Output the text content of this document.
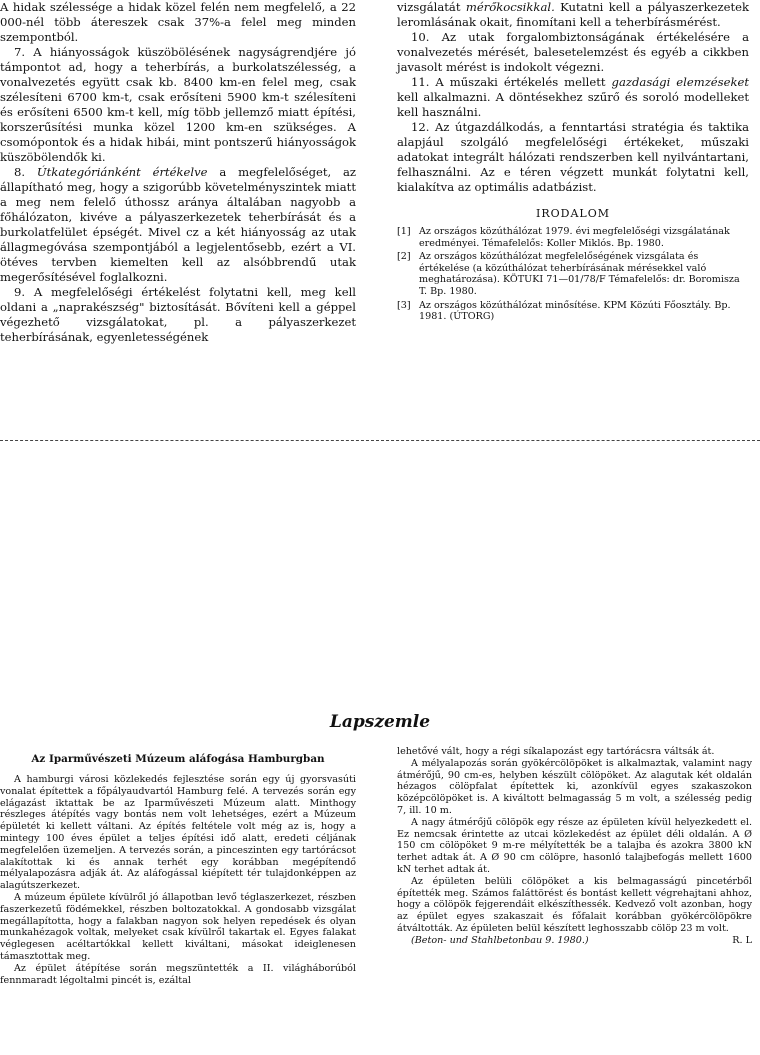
A hidak szélessége a hidak közel felén nem megfelelő, a 22 000-nél több átereszek csak 37%-a felel meg minden szempontból.

7. A hiányosságok küszöbölésének nagyságrendjére jó támpontot ad, hogy a teherbírás, a burkolatszélesség, a vonalvezetés együtt csak kb. 8400 km-en felel meg, csak szélesíteni 6700 km-t, csak erősíteni 5900 km-t szélesíteni és erősíteni 6500 km-t kell, míg több jellemző miatt építési, korszerűsítési munka közel 1200 km-en szükséges. A csomópontok és a hidak hibái, mint pontszerű hiányosságok küszöbölendők ki.

8. Útkategóriánként értékelve a megfelelőséget, az állapítható meg, hogy a szigorúbb követelményszintek miatt a meg nem felelő úthossz aránya általában nagyobb a főhálózaton, kivéve a pályaszerkezetek teherbírását és a burkolatfelület épségét. Mivel cz a két hiányosság az utak állagmegóvása szempontjából a legjelentősebb, ezért a VI. ötéves tervben kiemelten kell az alsóbbrendű utak megerősítésével foglalkozni.

9. A megfelelőségi értékelést folytatni kell, meg kell oldani a „naprakészség" biztosítását. Bővíteni kell a géppel végezhető vizsgálatokat, pl. a pályaszerkezet teherbírásának, egyenletességének

vizsgálatát mérőkocsikkal. Kutatni kell a pályaszerkezetek leromlásának okait, finomítani kell a teherbírásmérést.

10. Az utak forgalombiztonságának értékelésére a vonalvezetés mérését, balesetelemzést és egyéb a cikkben javasolt mérést is indokolt végezni.

11. A műszaki értékelés mellett gazdasági elemzéseket kell alkalmazni. A döntésekhez szűrő és soroló modelleket kell használni.

12. Az útgazdálkodás, a fenntartási stratégia és taktika alapjául szolgáló megfelelőségi értékeket, műszaki adatokat integrált hálózati rendszerben kell nyilvántartani, felhasználni. Az e téren végzett munkát folytatni kell, kialakítva az optimális adatbázist.

IRODALOM
[1] Az országos közúthálózat 1979. évi megfelelőségi vizsgálatának eredményei. Témafelelős: Koller Miklós. Bp. 1980.
[2] Az országos közúthálózat megfelelőségének vizsgálata és értékelése (a közúthálózat teherbírásának mérésekkel való meghatározása). KÖTUKI 71—01/78/F Témafelelős: dr. Boromisza T. Bp. 1980.
[3] Az országos közúthálózat minősítése. KPM Közúti Főosztály. Bp. 1981. (ÚTORG)
Lapszemle
Az Iparművészeti Múzeum aláfogása Hamburgban

A hamburgi városi közlekedés fejlesztése során egy új gyorsvasúti vonalat építettek a főpályaudvartól Hamburg felé. A tervezés során egy elágazást iktattak be az Iparművészeti Múzeum alatt. Minthogy részleges átépítés vagy bontás nem volt lehetséges, ezért a Múzeum épületét ki kellett váltani. Az építés feltétele volt még az is, hogy a mintegy 100 éves épület a teljes építési idő alatt, eredeti céljának megfelelően üzemeljen. A tervezés során, a pinceszinten egy tartórácsot alakítottak ki és annak terhét egy korábban megépítendő mélyalapozásra adják át. Az aláfogással kiépített tér tulajdonképpen az alagútszerkezet.

A múzeum épülete kívülről jó állapotban levő téglaszerkezet, részben faszerkezetű födémekkel, részben boltozatokkal. A gondosabb vizsgálat megállapította, hogy a falakban nagyon sok helyen repedések és olyan munkahézagok voltak, melyeket csak kívülről takartak el. Egyes falakat véglegesen acéltartókkal kellett kiváltani, másokat ideiglenesen támasztottak meg.

Az épület átépítése során megszüntették a II. világháborúból fennmaradt légoltalmi pincét is, ezáltal

lehetővé vált, hogy a régi síkalapozást egy tartórácsra váltsák át.

A mélyalapozás során gyökércölöpöket is alkalmaztak, valamint nagy átmérőjű, 90 cm-es, helyben készült cölöpöket. Az alagutak két oldalán hézagos cölöpfalat építettek ki, azonkívül egyes szakaszokon középcölöpöket is. A kiváltott belmagasság 5 m volt, a szélesség pedig 7, ill. 10 m.

A nagy átmérőjű cölöpök egy része az épületen kívül helyezkedett el. Ez nemcsak érintette az utcai közlekedést az épület déli oldalán. A Ø 150 cm cölöpöket 9 m-re mélyítették be a talajba és azokra 3800 kN terhet adtak át. A Ø 90 cm cölöpre, hasonló talajbefogás mellett 1600 kN terhet adtak át.

Az épületen belüli cölöpöket a kis belmagasságú pincetérből építették meg. Számos faláttörést és bontást kellett végrehajtani ahhoz, hogy a cölöpök fejgerendáit elkészíthessék. Kedvező volt azonban, hogy az épület egyes szakaszait és főfalait korábban gyökércölöpökre átváltották. Az épületen belül készített leghosszabb cölöp 23 m volt.

(Beton- und Stahlbetonbau 9. 1980.)	R. L
